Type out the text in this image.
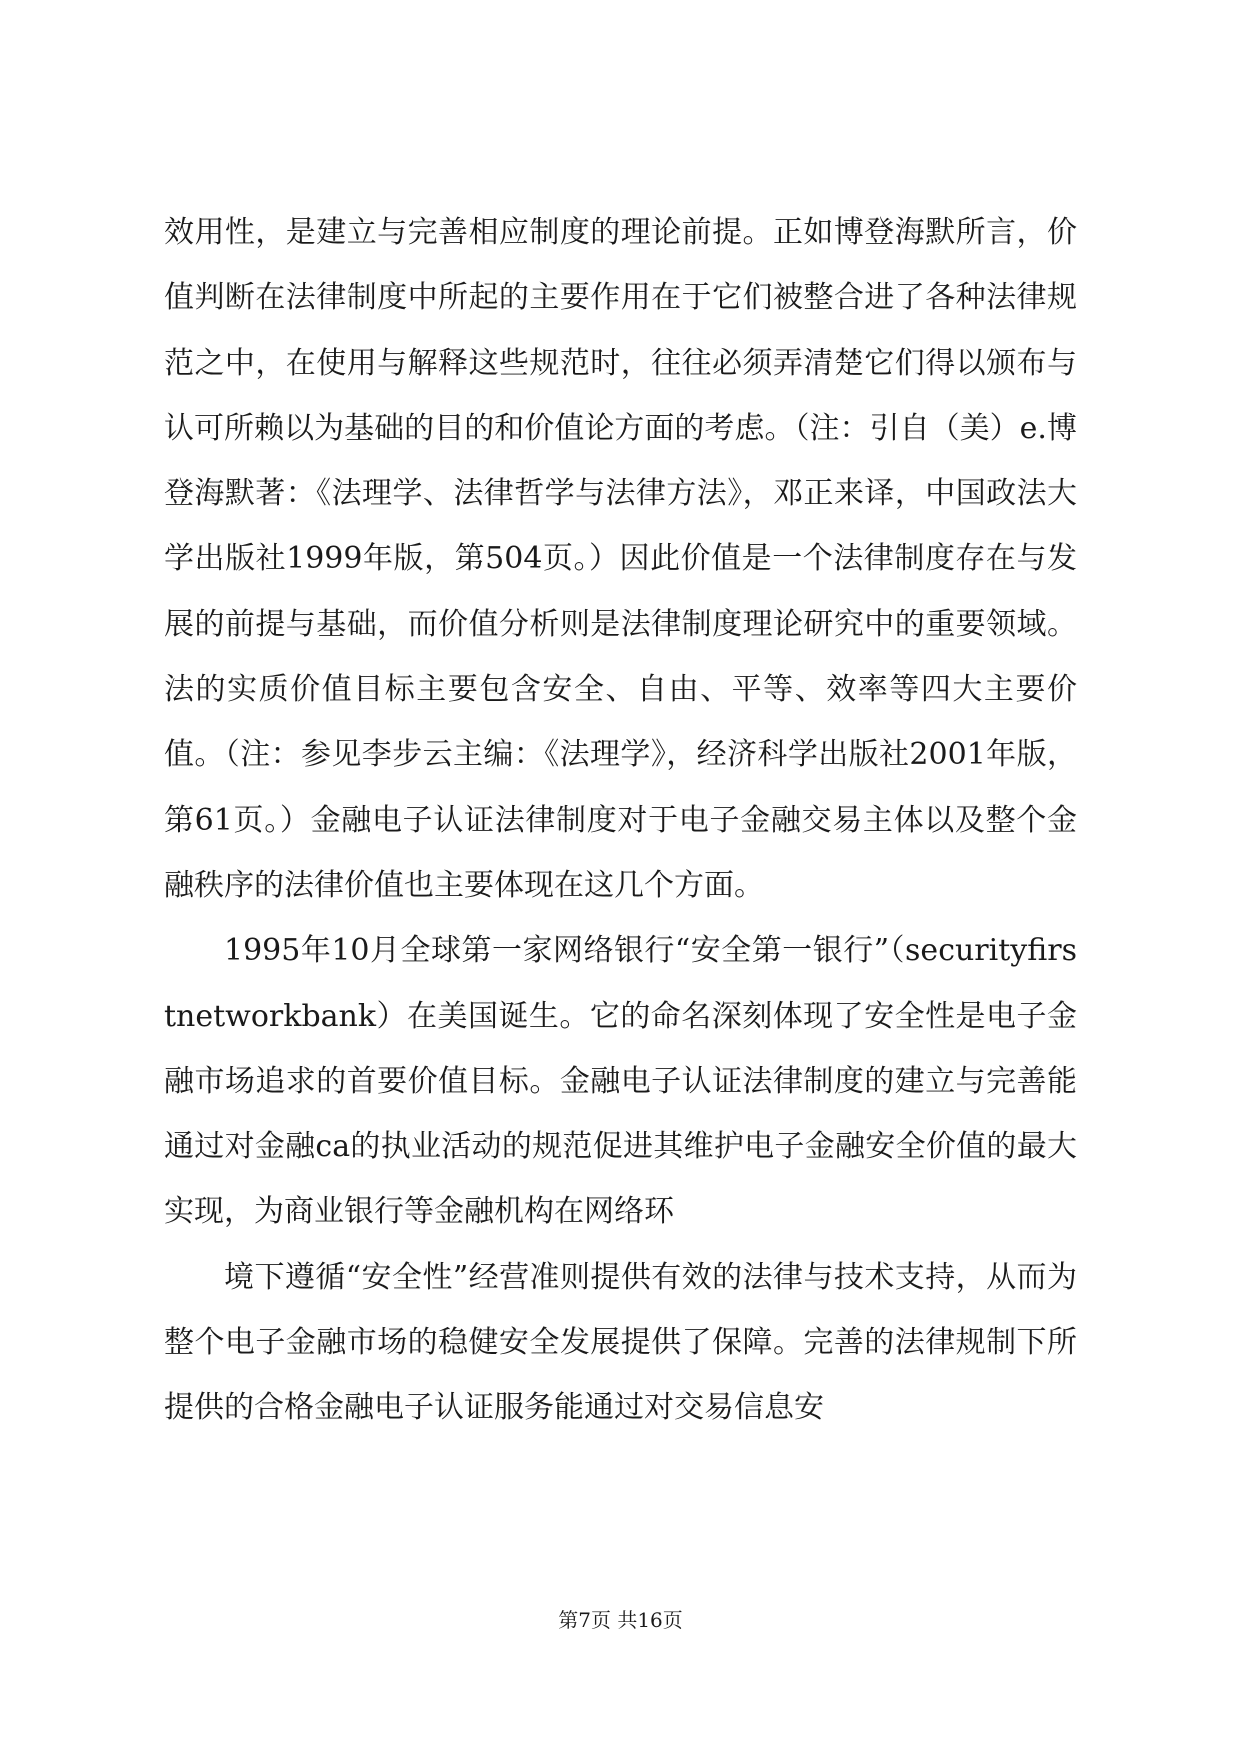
效用性，是建立与完善相应制度的理论前提。正如博登海默所言，价值判断在法律制度中所起的主要作用在于它们被整合进了各种法律规范之中，在使用与解释这些规范时，往往必须弄清楚它们得以颁布与认可所赖以为基础的目的和价值论方面的考虑。（注：引自（美）e.博登海默著：《法理学、法律哲学与法律方法》，邓正来译，中国政法大学出版社1999年版，第504页。）因此价值是一个法律制度存在与发展的前提与基础，而价值分析则是法律制度理论研究中的重要领域。法的实质价值目标主要包含安全、自由、平等、效率等四大主要价值。（注：参见李步云主编：《法理学》，经济科学出版社2001年版，第61页。）金融电子认证法律制度对于电子金融交易主体以及整个金融秩序的法律价值也主要体现在这几个方面。

1995年10月全球第一家网络银行“安全第一银行”（securityfirstnetworkbank）在美国诞生。它的命名深刻体现了安全性是电子金融市场追求的首要价值目标。金融电子认证法律制度的建立与完善能通过对金融ca的执业活动的规范促进其维护电子金融安全价值的最大实现，为商业银行等金融机构在网络环

境下遵循“安全性”经营准则提供有效的法律与技术支持，从而为整个电子金融市场的稳健安全发展提供了保障。完善的法律规制下所提供的合格金融电子认证服务能通过对交易信息安

第7页 共16页
